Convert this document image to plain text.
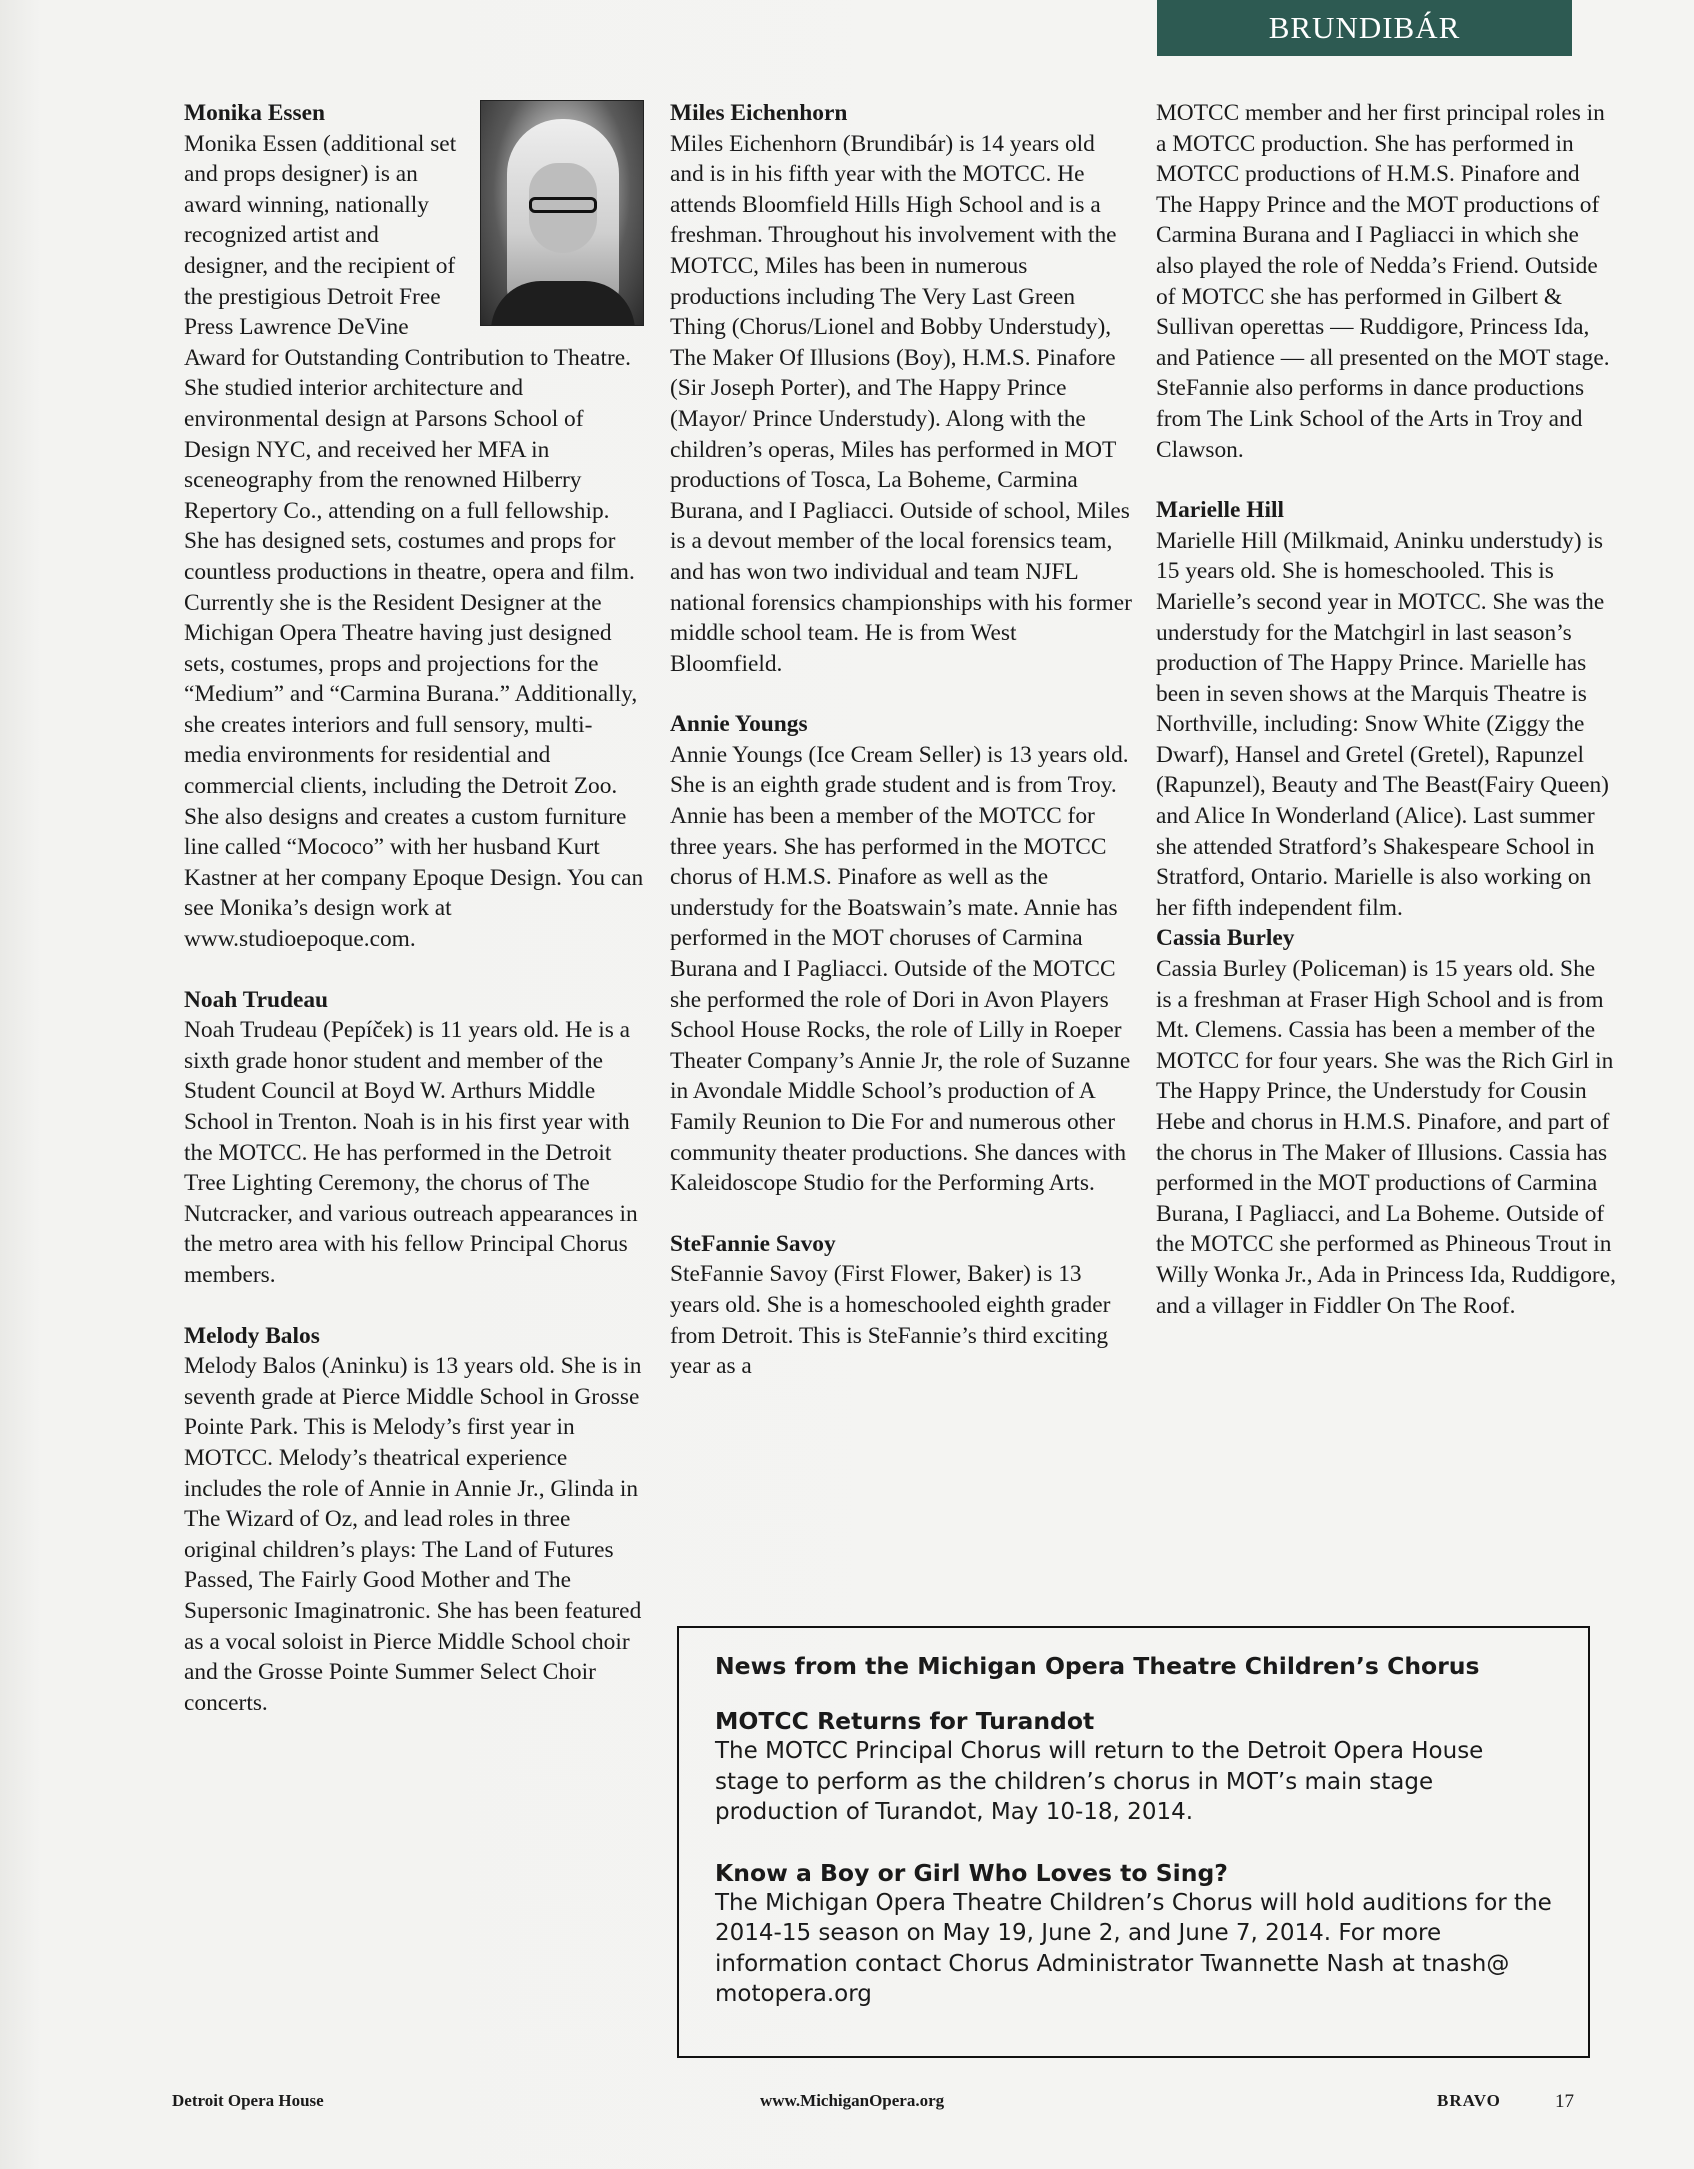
BRUNDIBÁR
Monika Essen

Monika Essen (additional set and props designer) is an award winning, nationally recognized artist and designer, and the recipient of the prestigious Detroit Free Press Lawrence DeVine Award for Outstanding Contribution to Theatre. She studied interior architecture and environmental design at Parsons School of Design NYC, and received her MFA in sceneography from the renowned Hilberry Repertory Co., attending on a full fellowship. She has designed sets, costumes and props for countless productions in theatre, opera and film. Currently she is the Resident Designer at the Michigan Opera Theatre having just designed sets, costumes, props and projections for the “Medium” and “Carmina Burana.” Additionally, she creates interiors and full sensory, multi-media environments for residential and commercial clients, including the Detroit Zoo. She also designs and creates a custom furniture line called “Mococo” with her husband Kurt Kastner at her company Epoque Design. You can see Monika’s design work at www.studioepoque.com.

Noah Trudeau

Noah Trudeau (Pepíček) is 11 years old. He is a sixth grade honor student and member of the Student Council at Boyd W. Arthurs Middle School in Trenton. Noah is in his first year with the MOTCC. He has performed in the Detroit Tree Lighting Ceremony, the chorus of The Nutcracker, and various outreach appearances in the metro area with his fellow Principal Chorus members.

Melody Balos

Melody Balos (Aninku) is 13 years old. She is in seventh grade at Pierce Middle School in Grosse Pointe Park. This is Melody’s first year in MOTCC. Melody’s theatrical experience includes the role of Annie in Annie Jr., Glinda in The Wizard of Oz, and lead roles in three original children’s plays: The Land of Futures Passed, The Fairly Good Mother and The Supersonic Imaginatronic. She has been featured as a vocal soloist in Pierce Middle School choir and the Grosse Pointe Summer Select Choir concerts.

Miles Eichenhorn

Miles Eichenhorn (Brundibár) is 14 years old and is in his fifth year with the MOTCC. He attends Bloomfield Hills High School and is a freshman. Throughout his involvement with the MOTCC, Miles has been in numerous productions including The Very Last Green Thing (Chorus/Lionel and Bobby Understudy), The Maker Of Illusions (Boy), H.M.S. Pinafore (Sir Joseph Porter), and The Happy Prince (Mayor/ Prince Understudy). Along with the children’s operas, Miles has performed in MOT productions of Tosca, La Boheme, Carmina Burana, and I Pagliacci. Outside of school, Miles is a devout member of the local forensics team, and has won two individual and team NJFL national forensics championships with his former middle school team. He is from West Bloomfield.

Annie Youngs

Annie Youngs (Ice Cream Seller) is 13 years old. She is an eighth grade student and is from Troy. Annie has been a member of the MOTCC for three years. She has performed in the MOTCC chorus of H.M.S. Pinafore as well as the understudy for the Boatswain’s mate. Annie has performed in the MOT choruses of Carmina Burana and I Pagliacci. Outside of the MOTCC she performed the role of Dori in Avon Players School House Rocks, the role of Lilly in Roeper Theater Company’s Annie Jr, the role of Suzanne in Avondale Middle School’s production of A Family Reunion to Die For and numerous other community theater productions. She dances with Kaleidoscope Studio for the Performing Arts.

SteFannie Savoy

SteFannie Savoy (First Flower, Baker) is 13 years old. She is a homeschooled eighth grader from Detroit. This is SteFannie’s third exciting year as a

MOTCC member and her first principal roles in a MOTCC production. She has performed in MOTCC productions of H.M.S. Pinafore and The Happy Prince and the MOT productions of Carmina Burana and I Pagliacci in which she also played the role of Nedda’s Friend. Outside of MOTCC she has performed in Gilbert & Sullivan operettas — Ruddigore, Princess Ida, and Patience — all presented on the MOT stage. SteFannie also performs in dance productions from The Link School of the Arts in Troy and Clawson.

Marielle Hill

Marielle Hill (Milkmaid, Aninku understudy) is 15 years old. She is homeschooled. This is Marielle’s second year in MOTCC. She was the understudy for the Matchgirl in last season’s production of The Happy Prince. Marielle has been in seven shows at the Marquis Theatre is Northville, including: Snow White (Ziggy the Dwarf), Hansel and Gretel (Gretel), Rapunzel (Rapunzel), Beauty and The Beast(Fairy Queen) and Alice In Wonderland (Alice). Last summer she attended Stratford’s Shakespeare School in Stratford, Ontario. Marielle is also working on her fifth independent film.

Cassia Burley

Cassia Burley (Policeman) is 15 years old. She is a freshman at Fraser High School and is from Mt. Clemens. Cassia has been a member of the MOTCC for four years. She was the Rich Girl in The Happy Prince, the Understudy for Cousin Hebe and chorus in H.M.S. Pinafore, and part of the chorus in The Maker of Illusions. Cassia has performed in the MOT productions of Carmina Burana, I Pagliacci, and La Boheme. Outside of the MOTCC she performed as Phineous Trout in Willy Wonka Jr., Ada in Princess Ida, Ruddigore, and a villager in Fiddler On The Roof.

News from the Michigan Opera Theatre Children’s Chorus
MOTCC Returns for Turandot

The MOTCC Principal Chorus will return to the Detroit Opera House stage to perform as the children’s chorus in MOT’s main stage production of Turandot, May 10-18, 2014.

Know a Boy or Girl Who Loves to Sing?

The Michigan Opera Theatre Children’s Chorus will hold auditions for the 2014-15 season on May 19, June 2, and June 7, 2014. For more information contact Chorus Administrator Twannette Nash at tnash@ motopera.org

Detroit Opera House	www.MichiganOpera.org	BRAVO	17
